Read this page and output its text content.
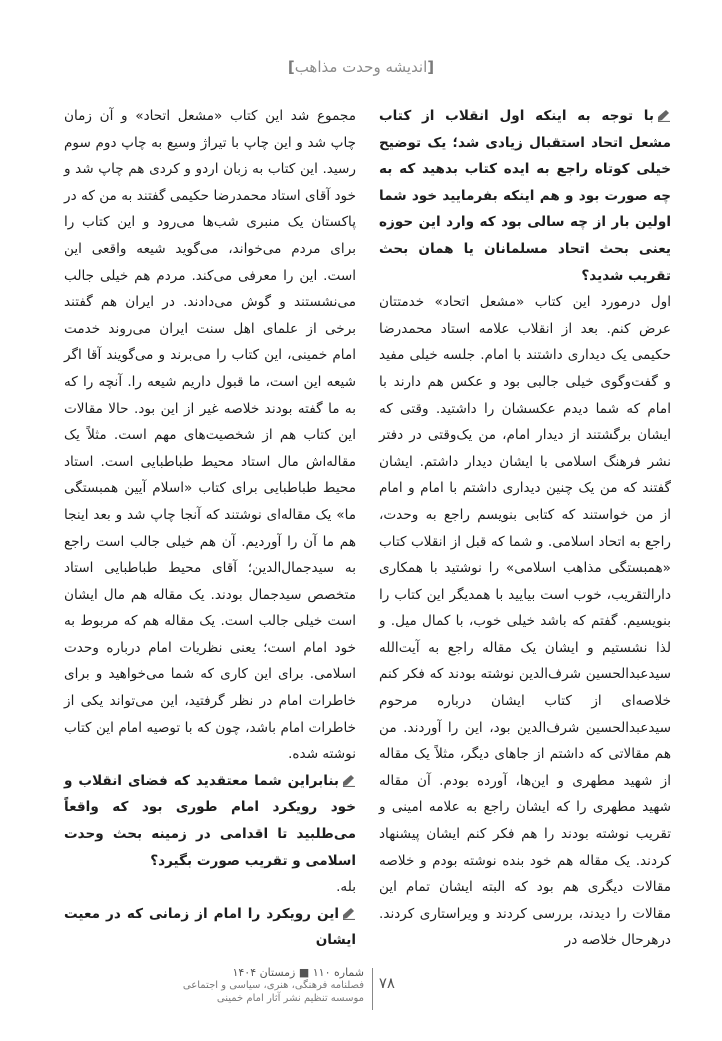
[اندیشه وحدت مذاهب]

با توجه به اینکه اول انقلاب از کتاب مشعل اتحاد استقبال زیادی شد؛ یک توضیح خیلی کوتاه راجع به ایده کتاب بدهید که به چه صورت بود و هم اینکه بفرمایید خود شما اولین بار از چه سالی بود که وارد این حوزه یعنی بحث اتحاد مسلمانان یا همان بحث تقریب شدید؟

اول درمورد این کتاب «مشعل اتحاد» خدمتتان عرض کنم. بعد از انقلاب علامه استاد محمدرضا حکیمی یک دیداری داشتند با امام. جلسه خیلی مفید و گفت‌وگوی خیلی جالبی بود و عکس هم دارند با امام که شما دیدم عکسشان را داشتید. وقتی که ایشان برگشتند از دیدار امام، من یک‌وقتی در دفتر نشر فرهنگ اسلامی با ایشان دیدار داشتم. ایشان گفتند که من یک چنین دیداری داشتم با امام و امام از من خواستند که کتابی بنویسم راجع به وحدت، راجع به اتحاد اسلامی. و شما که قبل از انقلاب کتاب «همبستگی مذاهب اسلامی» را نوشتید با همکاری دارالتقریب، خوب است بیایید با همدیگر این کتاب را بنویسیم. گفتم که باشد خیلی خوب، با کمال میل. و لذا نشستیم و ایشان یک مقاله راجع به آیت‌الله سیدعبدالحسین شرف‌الدین نوشته بودند که فکر کنم خلاصه‌ای از کتاب ایشان درباره مرحوم سیدعبدالحسین شرف‌الدین بود، این را آوردند. من هم مقالاتی که داشتم از جاهای دیگر، مثلاً یک مقاله از شهید مطهری و این‌ها، آورده بودم. آن مقاله شهید مطهری را که ایشان راجع به علامه امینی و تقریب نوشته بودند را هم فکر کنم ایشان پیشنهاد کردند. یک مقاله هم خود بنده نوشته بودم و خلاصه مقالات دیگری هم بود که البته ایشان تمام این مقالات را دیدند، بررسی کردند و ویراستاری کردند. درهرحال خلاصه در

مجموع شد این کتاب «مشعل اتحاد» و آن زمان چاپ شد و این چاپ با تیراژ وسیع به چاپ دوم سوم رسید. این کتاب به زبان اردو و کردی هم چاپ شد و خود آقای استاد محمدرضا حکیمی گفتند به من که در پاکستان یک منبری شب‌ها می‌رود و این کتاب را برای مردم می‌خواند، می‌گوید شیعه واقعی این است. این را معرفی می‌کند. مردم هم خیلی جالب می‌نشستند و گوش می‌دادند. در ایران هم گفتند برخی از علمای اهل سنت ایران می‌روند خدمت امام خمینی، این کتاب را می‌برند و می‌گویند آقا اگر شیعه این است، ما قبول داریم شیعه را. آنچه را که به ما گفته بودند خلاصه غیر از این بود. حالا مقالات این کتاب هم از شخصیت‌های مهم است. مثلاً یک مقاله‌اش مال استاد محیط طباطبایی است. استاد محیط طباطبایی برای کتاب «اسلام آیین همبستگی ما» یک مقاله‌ای نوشتند که آنجا چاپ شد و بعد اینجا هم ما آن را آوردیم. آن هم خیلی جالب است راجع به سیدجمال‌الدین؛ آقای محیط طباطبایی استاد متخصص سیدجمال بودند. یک مقاله هم مال ایشان است خیلی جالب است. یک مقاله هم که مربوط به خود امام است؛ یعنی نظریات امام درباره وحدت اسلامی. برای این کاری که شما می‌خواهید و برای خاطرات امام در نظر گرفتید، این می‌تواند یکی از خاطرات امام باشد، چون که با توصیه امام این کتاب نوشته شده.

بنابراین شما معتقدید که فضای انقلاب و خود رویکرد امام طوری بود که واقعاً می‌طلبید تا اقدامی در زمینه بحث وحدت اسلامی و تقریب صورت بگیرد؟

بله.

این رویکرد را امام از زمانی که در معیت ایشان

۷۸
شماره ۱۱۰ ■ زمستان ۱۴۰۴
فصلنامه فرهنگی، هنری، سیاسی و اجتماعی
موسسه تنظیم نشر آثار امام خمینی
